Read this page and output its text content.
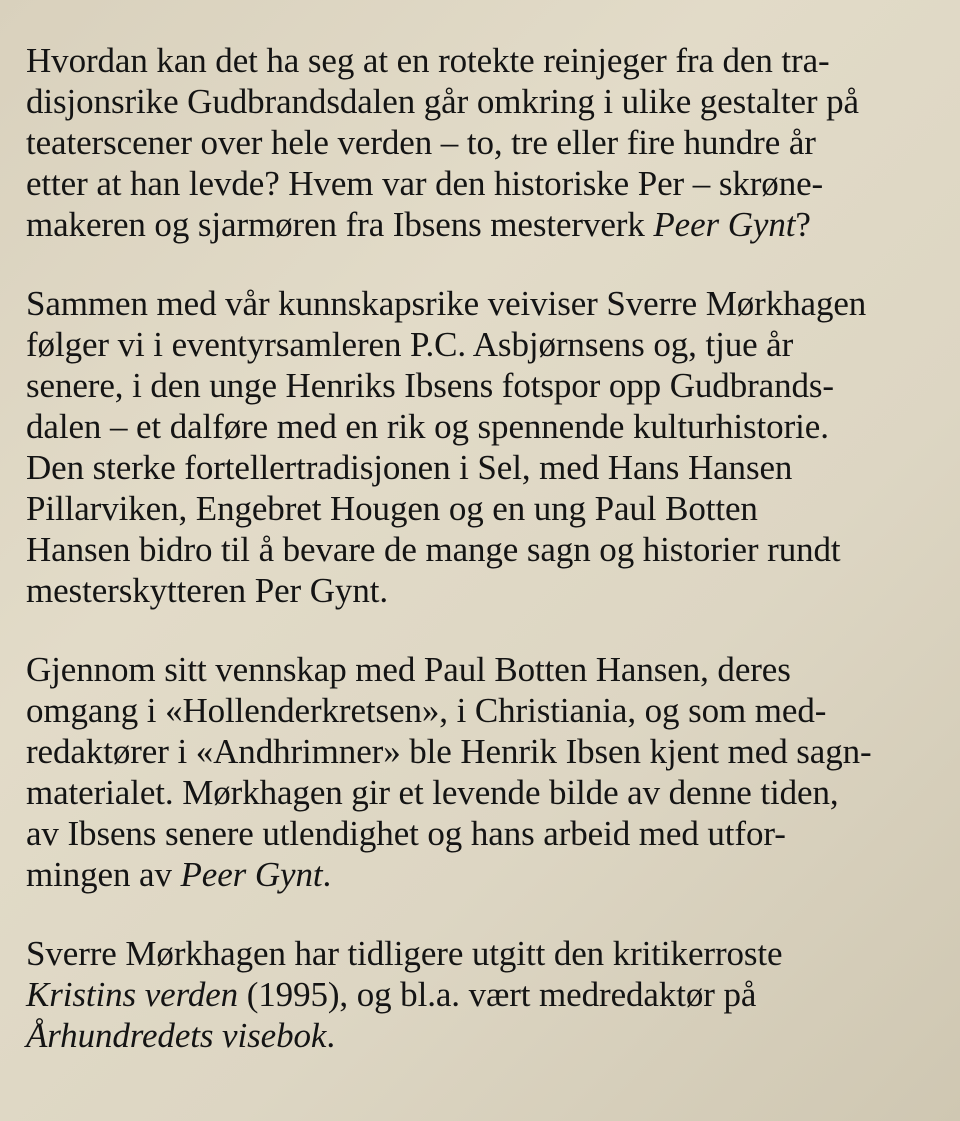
Hvordan kan det ha seg at en rotekte reinjeger fra den tra-
disjonsrike Gudbrandsdalen går omkring i ulike gestalter på
teaterscener over hele verden – to, tre eller fire hundre år
etter at han levde? Hvem var den historiske Per – skrøne-
makeren og sjarmøren fra Ibsens mesterverk Peer Gynt?
Sammen med vår kunnskapsrike veiviser Sverre Mørkhagen
følger vi i eventyrsamleren P.C. Asbjørnsens og, tjue år
senere, i den unge Henriks Ibsens fotspor opp Gudbrands-
dalen – et dalføre med en rik og spennende kulturhistorie.
Den sterke fortellertradisjonen i Sel, med Hans Hansen
Pillarviken, Engebret Hougen og en ung Paul Botten
Hansen bidro til å bevare de mange sagn og historier rundt
mesterskytteren Per Gynt.
Gjennom sitt vennskap med Paul Botten Hansen, deres
omgang i «Hollenderkretsen», i Christiania, og som med-
redaktører i «Andhrimner» ble Henrik Ibsen kjent med sagn-
materialet. Mørkhagen gir et levende bilde av denne tiden,
av Ibsens senere utlendighet og hans arbeid med utfor-
mingen av Peer Gynt.
Sverre Mørkhagen har tidligere utgitt den kritikerroste
Kristins verden (1995), og bl.a. vært medredaktør på
Århundredets visebok.
